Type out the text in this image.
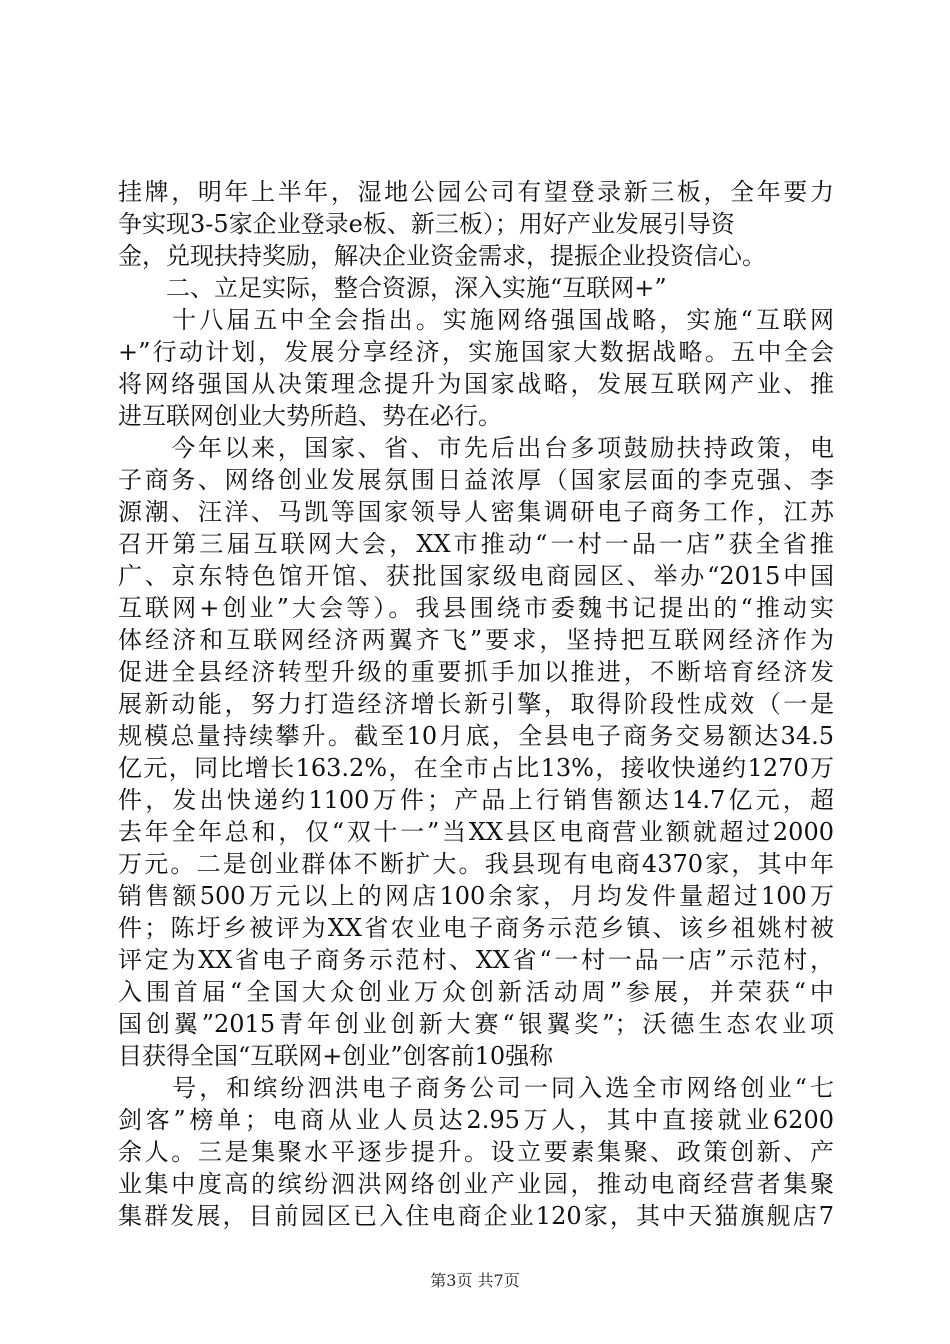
挂牌，明年上半年，湿地公园公司有望登录新三板，全年要力
争实现3-5家企业登录e板、新三板）；用好产业发展引导资
金，兑现扶持奖励，解决企业资金需求，提振企业投资信心。
　　二、立足实际，整合资源，深入实施“互联网+”
　　十八届五中全会指出。实施网络强国战略，实施“互联网
+”行动计划，发展分享经济，实施国家大数据战略。五中全会
将网络强国从决策理念提升为国家战略，发展互联网产业、推
进互联网创业大势所趋、势在必行。
　　今年以来，国家、省、市先后出台多项鼓励扶持政策，电
子商务、网络创业发展氛围日益浓厚（国家层面的李克强、李
源潮、汪洋、马凯等国家领导人密集调研电子商务工作，江苏
召开第三届互联网大会，XX市推动“一村一品一店”获全省推
广、京东特色馆开馆、获批国家级电商园区、举办“2015中国
互联网+创业”大会等）。我县围绕市委魏书记提出的“推动实
体经济和互联网经济两翼齐飞”要求，坚持把互联网经济作为
促进全县经济转型升级的重要抓手加以推进，不断培育经济发
展新动能，努力打造经济增长新引擎，取得阶段性成效（一是
规模总量持续攀升。截至10月底，全县电子商务交易额达34.5
亿元，同比增长163.2%，在全市占比13%，接收快递约1270万
件，发出快递约1100万件；产品上行销售额达14.7亿元，超
去年全年总和，仅“双十一”当XX县区电商营业额就超过2000
万元。二是创业群体不断扩大。我县现有电商4370家，其中年
销售额500万元以上的网店100余家，月均发件量超过100万
件；陈圩乡被评为XX省农业电子商务示范乡镇、该乡祖姚村被
评定为XX省电子商务示范村、XX省“一村一品一店”示范村，
入围首届“全国大众创业万众创新活动周”参展，并荣获“中
国创翼”2015青年创业创新大赛“银翼奖”；沃德生态农业项
目获得全国“互联网+创业”创客前10强称
　　号，和缤纷泗洪电子商务公司一同入选全市网络创业“七
剑客”榜单；电商从业人员达2.95万人，其中直接就业6200
余人。三是集聚水平逐步提升。设立要素集聚、政策创新、产
业集中度高的缤纷泗洪网络创业产业园，推动电商经营者集聚
集群发展，目前园区已入住电商企业120家，其中天猫旗舰店7
第3页 共7页
